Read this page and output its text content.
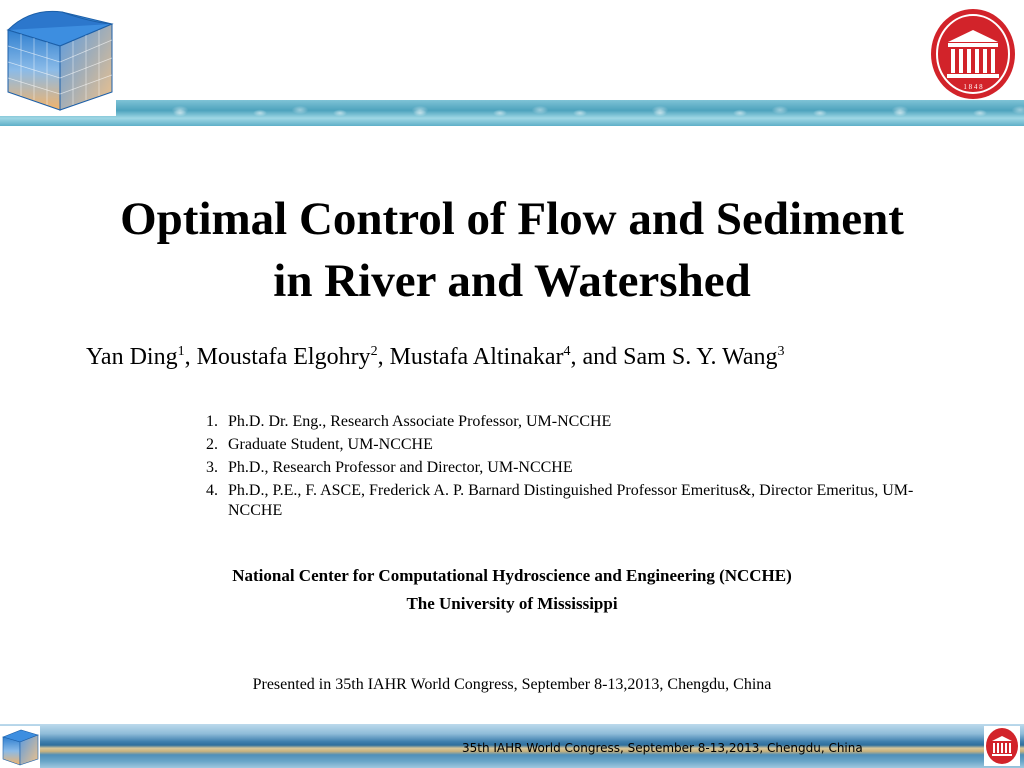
1 8 4 8
Optimal Control of Flow and Sediment
in River and Watershed
Yan Ding$^1$, Moustafa Elgohry$^2$, Mustafa Altinakar$^4$, and Sam S. Y. Wang$^3$
1. Ph.D. Dr. Eng., Research Associate Professor, UM-NCCHE
2. Graduate Student, UM-NCCHE
3. Ph.D., Research Professor and Director, UM-NCCHE
4. Ph.D., P.E., F. ASCE, Frederick A. P. Barnard Distinguished Professor Emeritus&, Director Emeritus, UM-NCCHE
National Center for Computational Hydroscience and Engineering (NCCHE)
The University of Mississippi
Presented in 35th IAHR World Congress, September 8-13,2013, Chengdu, China
35th IAHR World Congress, September 8-13,2013, Chengdu, China
